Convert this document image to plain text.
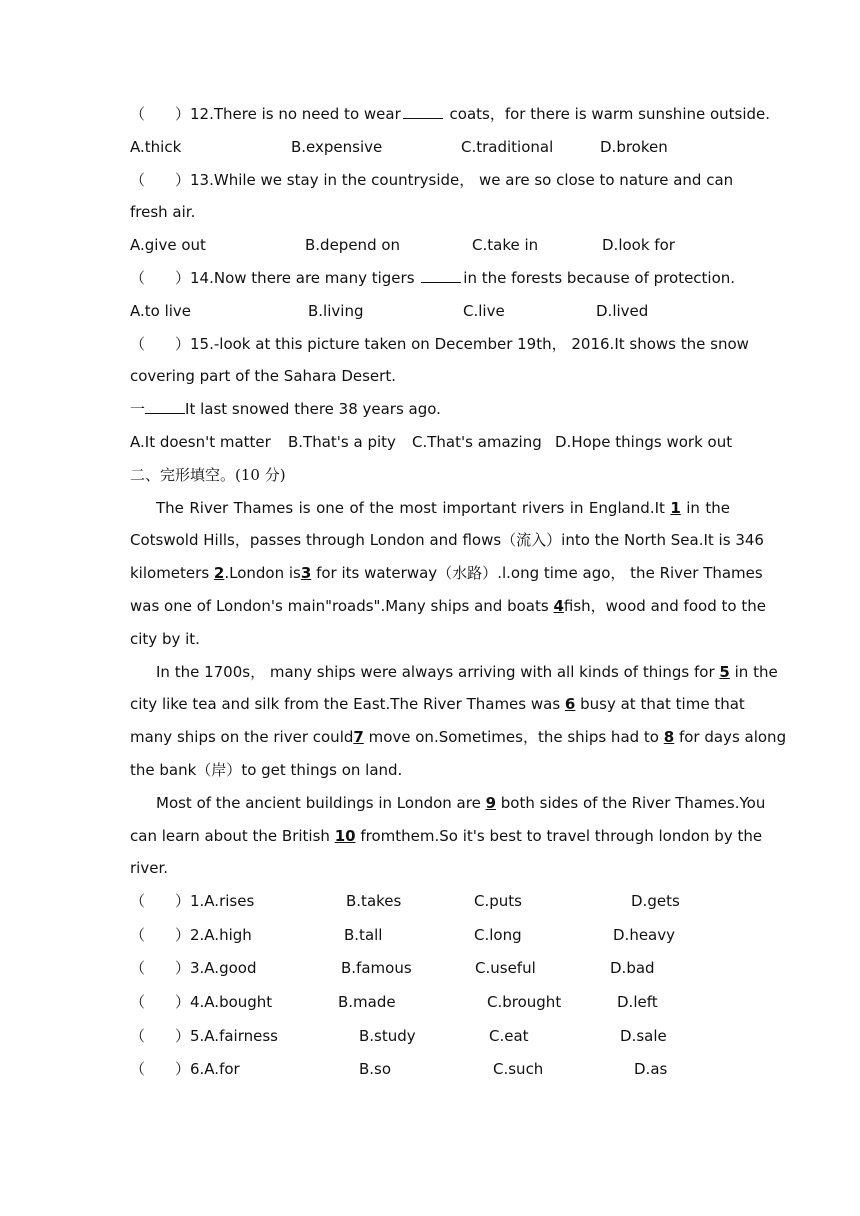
（　　）12.There is no need to wear	coats，for there is warm sunshine outside.
A.thick	B.expensive	C.traditional	D.broken
（　　）13.While we stay in the countryside， we are so close to nature and can
fresh air.
A.give out	B.depend on	C.take in	D.look for
（　　）14.Now there are many tigers	in the forests because of protection.
A.to live	B.living	C.live	D.lived
（　　）15.-look at this picture taken on December 19th， 2016.It shows the snow
covering part of the Sahara Desert.
一	It last snowed there 38 years ago.
A.It doesn't matter B.That's a pity C.That's amazing D.Hope things work out
二、完形填空。(10 分)
The River Thames is one of the most important rivers in England.It 1 in the
Cotswold Hills，passes through London and flows（流入）into the North Sea.It is 346
kilometers 2.London is3 for its waterway（水路）.l.ong time ago， the River Thames
was one of London's main"roads".Many ships and boats 4fish，wood and food to the
city by it.
In the 1700s， many ships were always arriving with all kinds of things for 5 in the
city like tea and silk from the East.The River Thames was 6 busy at that time that
many ships on the river could7 move on.Sometimes，the ships had to 8 for days along
the bank（岸）to get things on land.
Most of the ancient buildings in London are 9 both sides of the River Thames.You
can learn about the British 10 fromthem.So it's best to travel through london by the
river.
（　　） 1.A.rises	B.takes	C.puts	D.gets
（　　） 2.A.high	B.tall	C.long	D.heavy
（　　） 3.A.good	B.famous	C.useful	D.bad
（　　） 4.A.bought	B.made	C.brought	D.left
（　　） 5.A.fairness	B.study	C.eat	D.sale
（　　） 6.A.for	B.so	C.such	D.as
